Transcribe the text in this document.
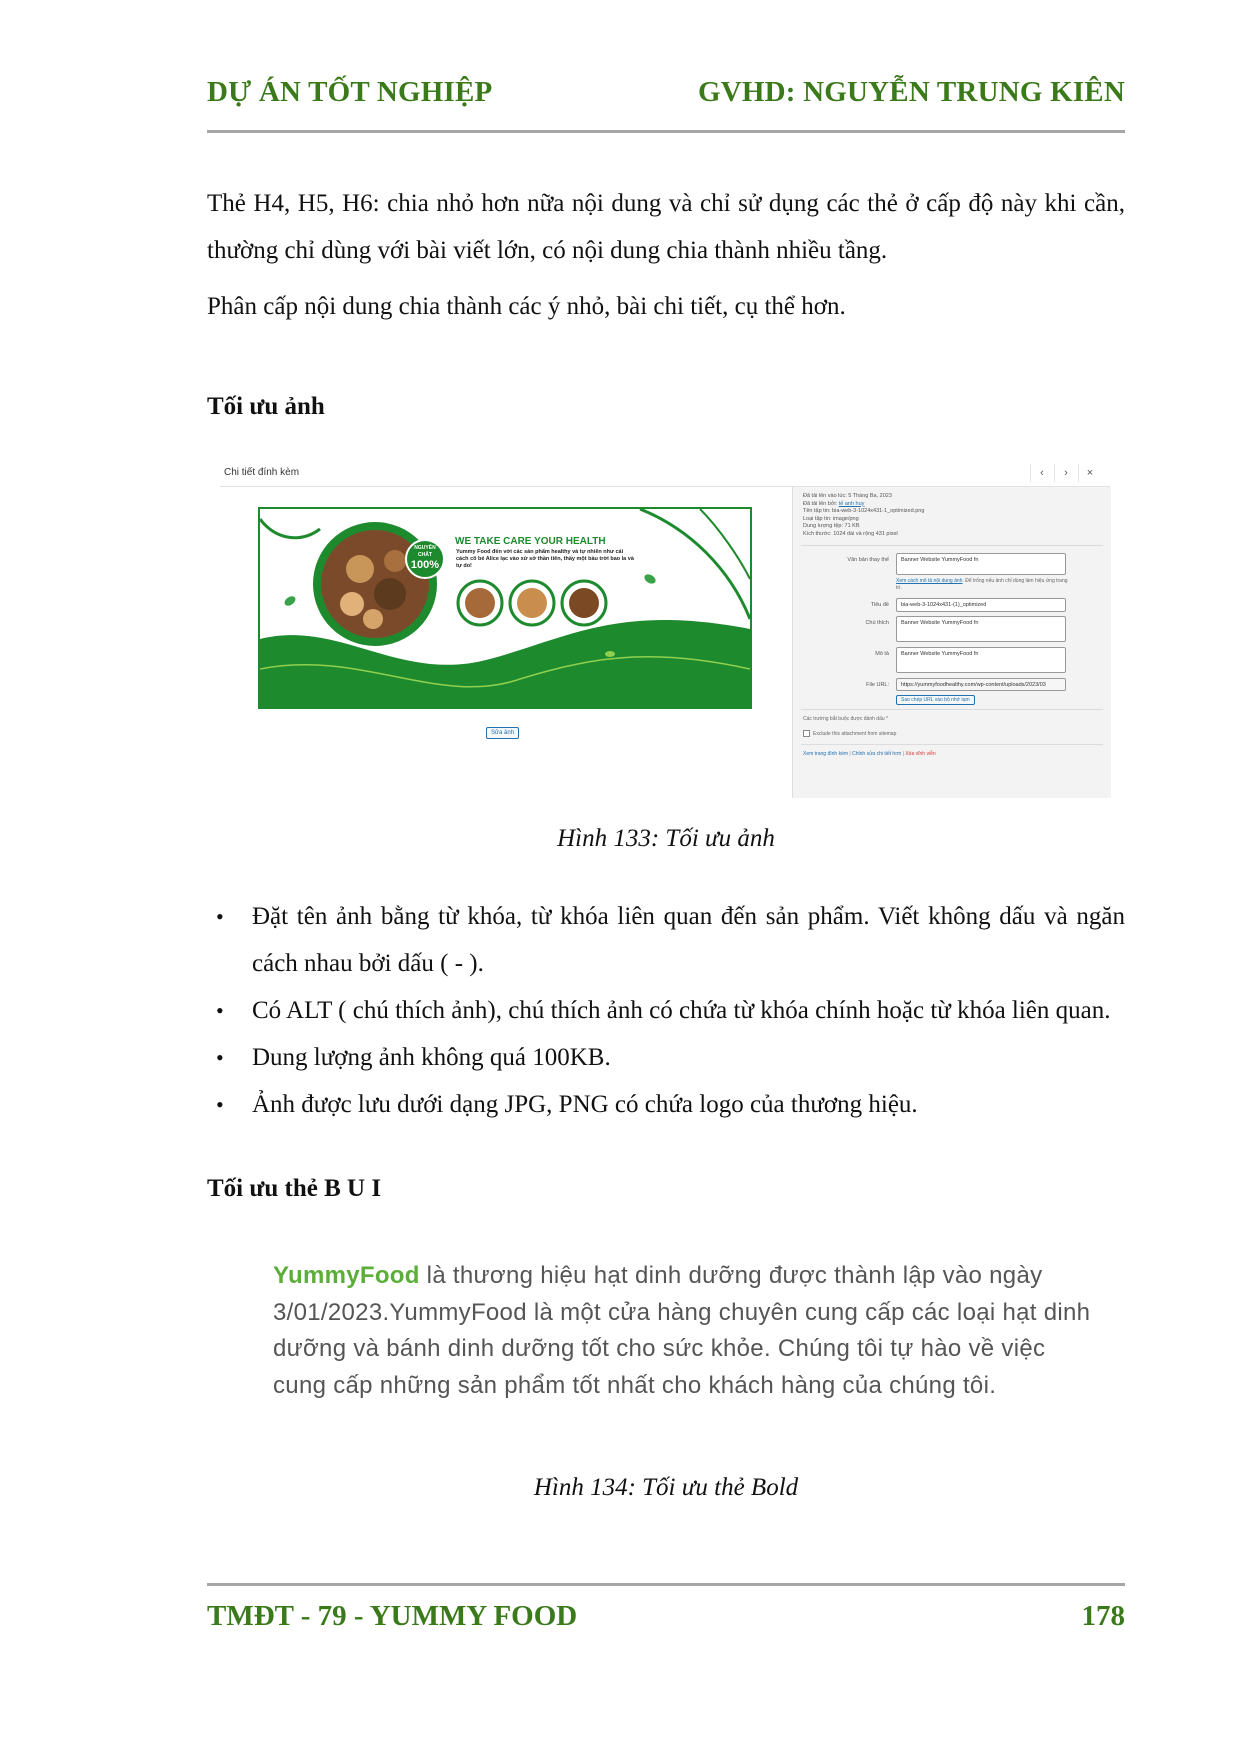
DỰ ÁN TỐT NGHIỆP	GVHD: NGUYỄN TRUNG KIÊN
Thẻ H4, H5, H6: chia nhỏ hơn nữa nội dung và chỉ sử dụng các thẻ ở cấp độ này khi cần, thường chỉ dùng với bài viết lớn, có nội dung chia thành nhiều tầng.
Phân cấp nội dung chia thành các ý nhỏ, bài chi tiết, cụ thể hơn.
Tối ưu ảnh
Chi tiết đính kèm	‹	›	×
NGUYÊN
CHẤT
100%
WE TAKE CARE YOUR HEALTH
Yummy Food đến với các sản phẩm healthy và tự nhiên như cái cách cô bé Alice lạc vào xứ sở thần tiên, thấy một bầu trời bao la và tự do!
Sửa ảnh
Đã tải lên vào lúc: 5 Tháng Ba, 2023
Đã tải lên bởi: tế anh huy
Tên tập tin: bia-web-3-1024x431-1_optimized.png
Loại tập tin: image/png
Dung lượng tệp: 71 KB
Kích thước: 1024 dài và rộng 431 pixel
Văn bản thay thế	Banner Website YummyFood fn
Xem cách mô tả nội dung ảnh. Để trống nếu ảnh chỉ dùng làm hiệu ứng trang trí.
Tiêu đề	bia-web-3-1024x431-(1)_optimized
Chú thích	Banner Website YummyFood fn
Mô tả	Banner Website YummyFood fn
File URL:	https://yummyfoodhealthy.com/wp-content/uploads/2023/03
Sao chép URL vào bộ nhớ tạm
Các trường bắt buộc được đánh dấu *
Exclude this attachment from sitemap
Xem trang đính kèm | Chỉnh sửa chi tiết hơn | Xóa vĩnh viễn
Hình 133: Tối ưu ảnh
• Đặt tên ảnh bằng từ khóa, từ khóa liên quan đến sản phẩm. Viết không dấu và ngăn cách nhau bởi dấu ( - ).
• Có ALT ( chú thích ảnh), chú thích ảnh có chứa từ khóa chính hoặc từ khóa liên quan.
• Dung lượng ảnh không quá 100KB.
• Ảnh được lưu dưới dạng JPG, PNG có chứa logo của thương hiệu.
Tối ưu thẻ B U I
YummyFood là thương hiệu hạt dinh dưỡng được thành lập vào ngày 3/01/2023.YummyFood là một cửa hàng chuyên cung cấp các loại hạt dinh dưỡng và bánh dinh dưỡng tốt cho sức khỏe. Chúng tôi tự hào về việc cung cấp những sản phẩm tốt nhất cho khách hàng của chúng tôi.
Hình 134: Tối ưu thẻ Bold
TMĐT - 79 - YUMMY FOOD	178
